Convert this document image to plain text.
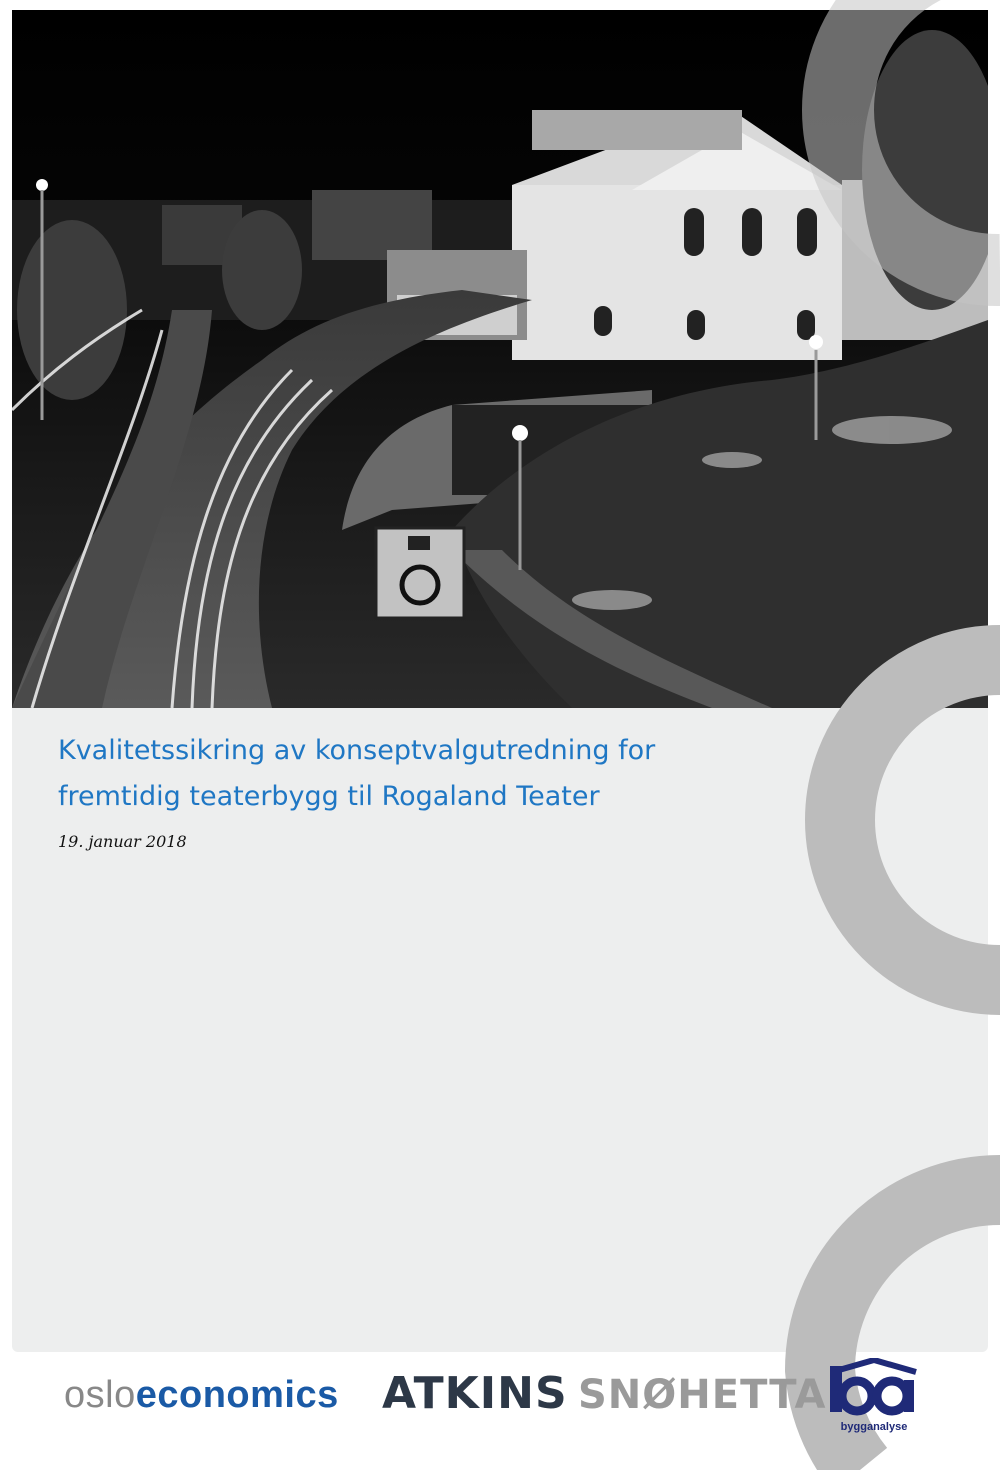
foto: Jostein Husebø
Kvalitetssikring av konseptvalgutredning for fremtidig teaterbygg til Rogaland Teater
19. januar 2018
osloeconomics ATKINS SNØHETTA
bygganalyse
